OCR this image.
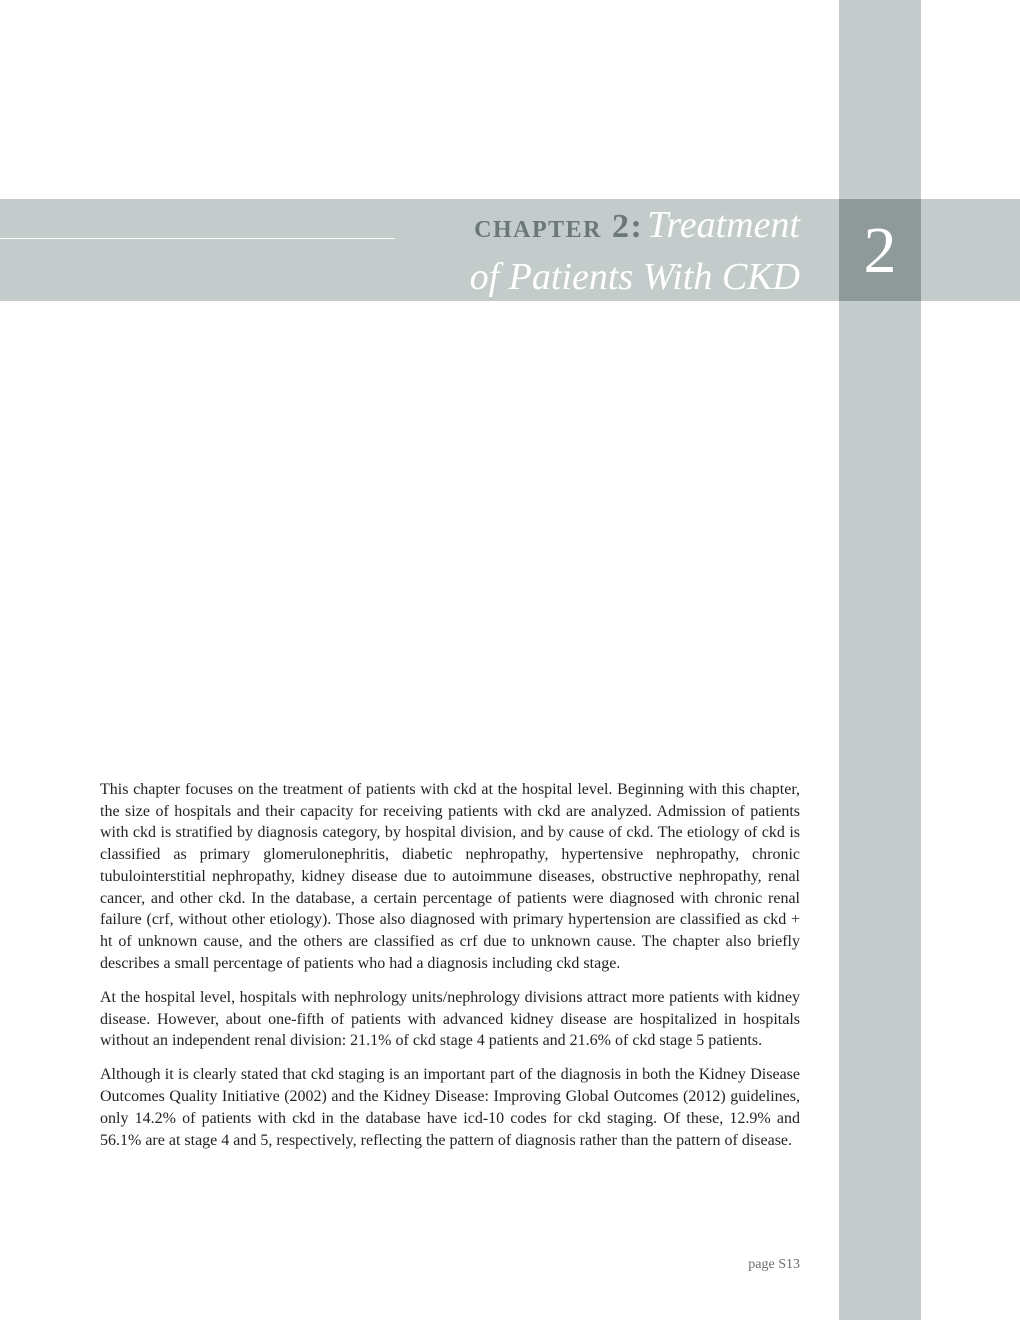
chapter 2: Treatment
of Patients With CKD 2

This chapter focuses on the treatment of patients with ckd at the hospital level. Beginning with this chapter, the size of hospitals and their capacity for receiving patients with ckd are analyzed. Admission of patients with ckd is stratified by diagnosis category, by hospital division, and by cause of ckd. The etiology of ckd is classified as primary glomerulonephritis, diabetic nephropathy, hypertensive nephropathy, chronic tubulointerstitial nephropathy, kidney disease due to autoimmune diseases, obstructive nephropathy, renal cancer, and other ckd. In the database, a certain percentage of patients were diagnosed with chronic renal failure (crf, without other etiology). Those also diagnosed with primary hypertension are classified as ckd + ht of unknown cause, and the others are classified as crf due to unknown cause. The chapter also briefly describes a small percentage of patients who had a diagnosis including ckd stage.

At the hospital level, hospitals with nephrology units/nephrology divisions attract more patients with kidney disease. However, about one-fifth of patients with advanced kidney disease are hospitalized in hospitals without an independent renal division: 21.1% of ckd stage 4 patients and 21.6% of ckd stage 5 patients.

Although it is clearly stated that ckd staging is an important part of the diagnosis in both the Kidney Disease Outcomes Quality Initiative (2002) and the Kidney Disease: Improving Global Outcomes (2012) guidelines, only 14.2% of patients with ckd in the database have icd-10 codes for ckd staging. Of these, 12.9% and 56.1% are at stage 4 and 5, respectively, reflecting the pattern of diagnosis rather than the pattern of disease.

page S13
